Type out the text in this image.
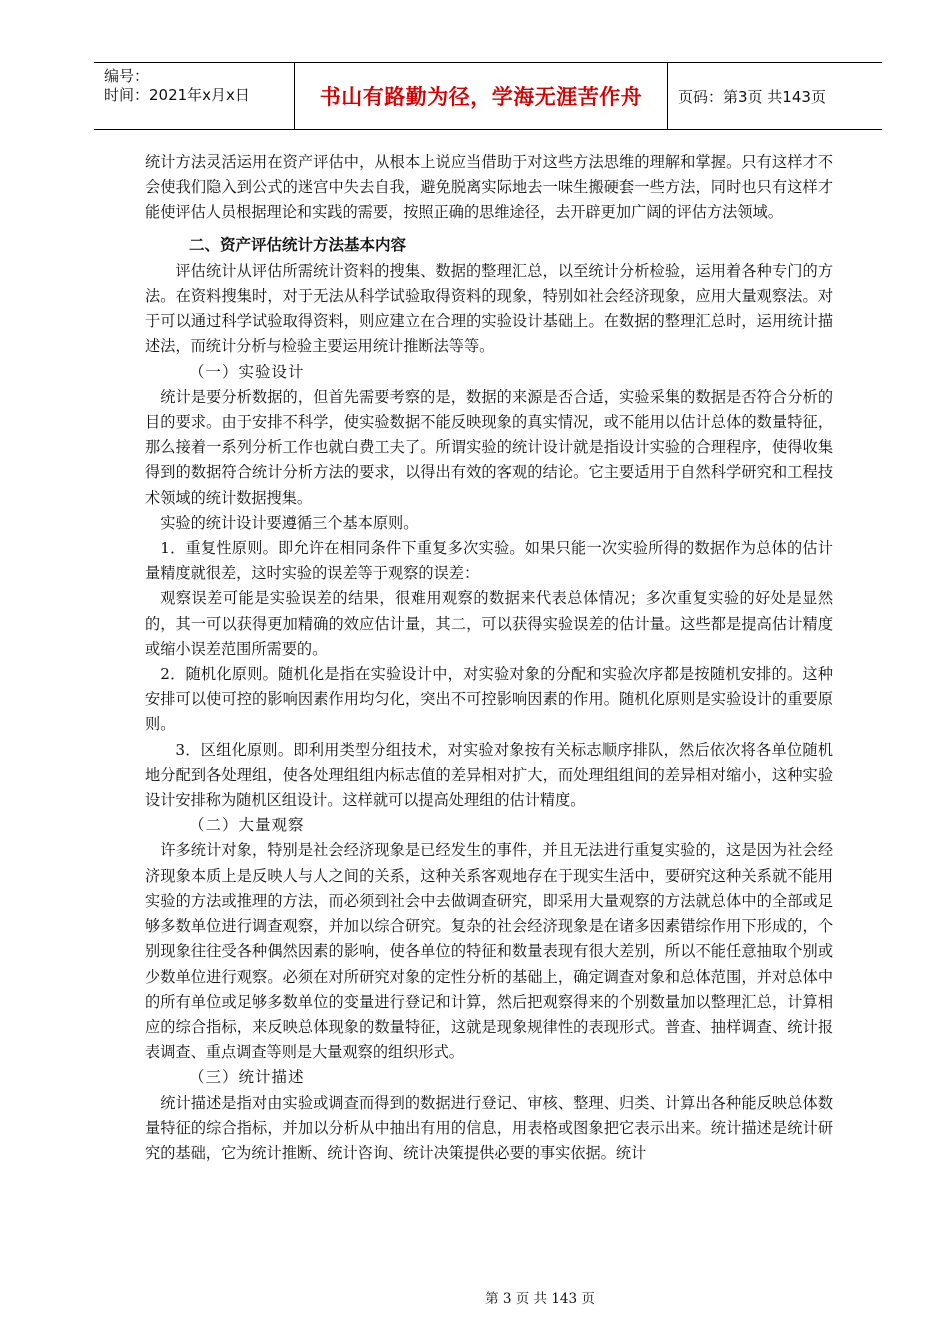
编号：
时间：2021年x月x日	书山有路勤为径，学海无涯苦作舟 页码：第3页 共143页

统计方法灵活运用在资产评估中，从根本上说应当借助于对这些方法思维的理解和掌握。只有这样才不会使我们隐入到公式的迷宫中失去自我，避免脱离实际地去一味生搬硬套一些方法，同时也只有这样才能使评估人员根据理论和实践的需要，按照正确的思维途径，去开辟更加广阔的评估方法领域。

二、资产评估统计方法基本内容

评估统计从评估所需统计资料的搜集、数据的整理汇总，以至统计分析检验，运用着各种专门的方法。在资料搜集时，对于无法从科学试验取得资料的现象，特别如社会经济现象，应用大量观察法。对于可以通过科学试验取得资料，则应建立在合理的实验设计基础上。在数据的整理汇总时，运用统计描述法，而统计分析与检验主要运用统计推断法等等。

（一）实验设计

统计是要分析数据的，但首先需要考察的是，数据的来源是否合适，实验采集的数据是否符合分析的目的要求。由于安排不科学，使实验数据不能反映现象的真实情况，或不能用以估计总体的数量特征，那么接着一系列分析工作也就白费工夫了。所谓实验的统计设计就是指设计实验的合理程序，使得收集得到的数据符合统计分析方法的要求，以得出有效的客观的结论。它主要适用于自然科学研究和工程技术领域的统计数据搜集。

实验的统计设计要遵循三个基本原则。

1．重复性原则。即允许在相同条件下重复多次实验。如果只能一次实验所得的数据作为总体的估计量精度就很差，这时实验的误差等于观察的误差：

观察误差可能是实验误差的结果，很难用观察的数据来代表总体情况；多次重复实验的好处是显然的，其一可以获得更加精确的效应估计量，其二，可以获得实验误差的估计量。这些都是提高估计精度或缩小误差范围所需要的。

2．随机化原则。随机化是指在实验设计中，对实验对象的分配和实验次序都是按随机安排的。这种安排可以使可控的影响因素作用均匀化，突出不可控影响因素的作用。随机化原则是实验设计的重要原则。

3．区组化原则。即利用类型分组技术，对实验对象按有关标志顺序排队，然后依次将各单位随机地分配到各处理组，使各处理组组内标志值的差异相对扩大，而处理组组间的差异相对缩小，这种实验设计安排称为随机区组设计。这样就可以提高处理组的估计精度。

（二）大量观察

许多统计对象，特别是社会经济现象是已经发生的事件，并且无法进行重复实验的，这是因为社会经济现象本质上是反映人与人之间的关系，这种关系客观地存在于现实生活中，要研究这种关系就不能用实验的方法或推理的方法，而必须到社会中去做调查研究，即采用大量观察的方法就总体中的全部或足够多数单位进行调查观察，并加以综合研究。复杂的社会经济现象是在诸多因素错综作用下形成的，个别现象往往受各种偶然因素的影响，使各单位的特征和数量表现有很大差别，所以不能任意抽取个别或少数单位进行观察。必须在对所研究对象的定性分析的基础上，确定调查对象和总体范围，并对总体中的所有单位或足够多数单位的变量进行登记和计算，然后把观察得来的个别数量加以整理汇总，计算相应的综合指标，来反映总体现象的数量特征，这就是现象规律性的表现形式。普查、抽样调查、统计报表调查、重点调查等则是大量观察的组织形式。

（三）统计描述

统计描述是指对由实验或调查而得到的数据进行登记、审核、整理、归类、计算出各种能反映总体数量特征的综合指标，并加以分析从中抽出有用的信息，用表格或图象把它表示出来。统计描述是统计研究的基础，它为统计推断、统计咨询、统计决策提供必要的事实依据。统计

第 3 页 共 143 页
